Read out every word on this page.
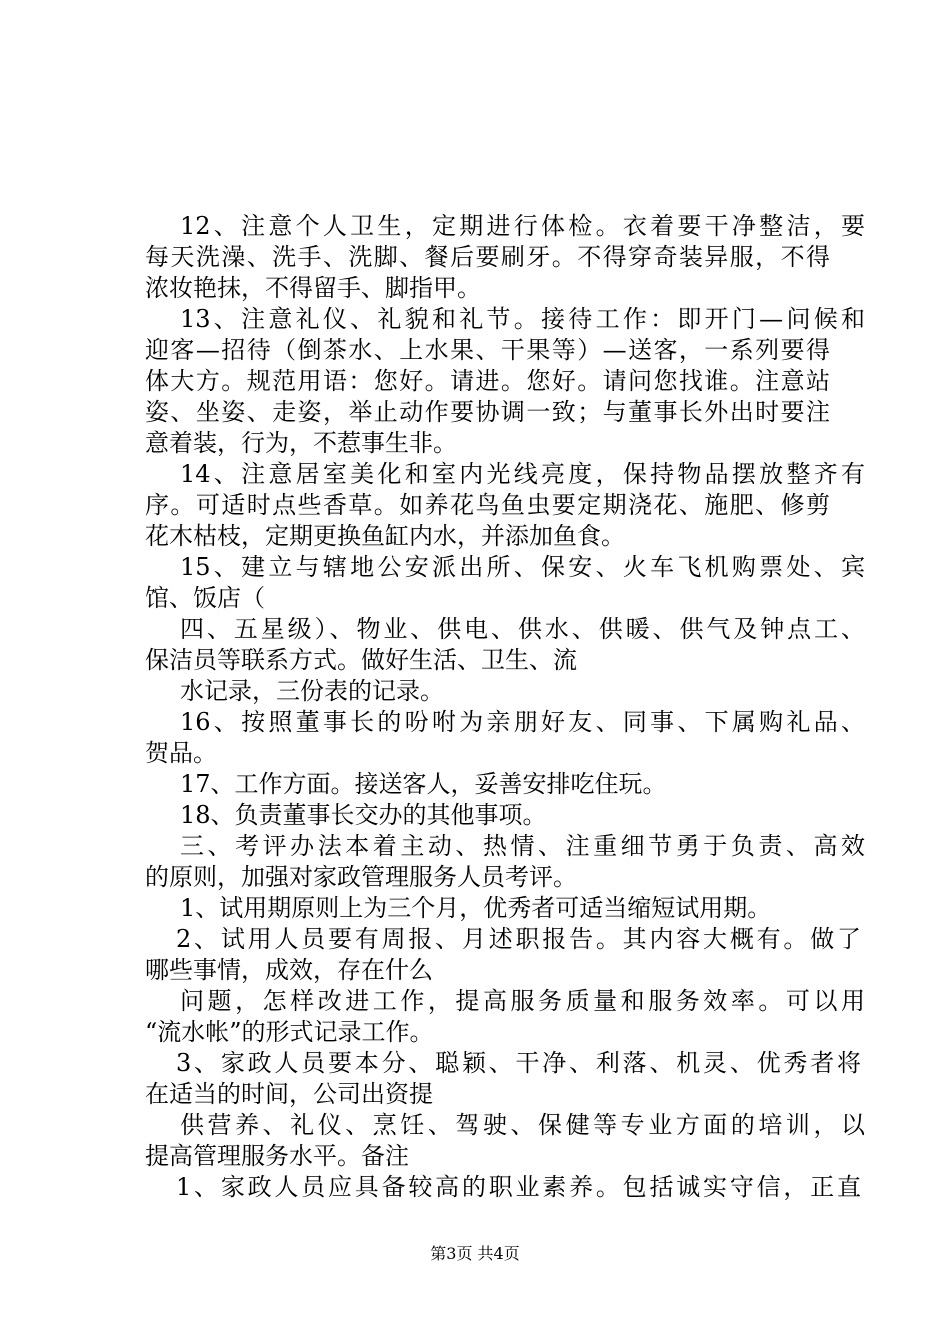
12、注意个人卫生，定期进行体检。衣着要干净整洁，要
每天洗澡、洗手、洗脚、餐后要刷牙。不得穿奇装异服，不得
浓妆艳抹，不得留手、脚指甲。
13、注意礼仪、礼貌和礼节。接待工作：即开门—问候和
迎客—招待（倒茶水、上水果、干果等）—送客，一系列要得
体大方。规范用语：您好。请进。您好。请问您找谁。注意站
姿、坐姿、走姿，举止动作要协调一致；与董事长外出时要注
意着装，行为，不惹事生非。
14、注意居室美化和室内光线亮度，保持物品摆放整齐有
序。可适时点些香草。如养花鸟鱼虫要定期浇花、施肥、修剪
花木枯枝，定期更换鱼缸内水，并添加鱼食。
15、建立与辖地公安派出所、保安、火车飞机购票处、宾
馆、饭店（
四、五星级）、物业、供电、供水、供暖、供气及钟点工、
保洁员等联系方式。做好生活、卫生、流
水记录，三份表的记录。
16、按照董事长的吩咐为亲朋好友、同事、下属购礼品、
贺品。
17、工作方面。接送客人，妥善安排吃住玩。
18、负责董事长交办的其他事项。
三、考评办法本着主动、热情、注重细节勇于负责、高效
的原则，加强对家政管理服务人员考评。
1、试用期原则上为三个月，优秀者可适当缩短试用期。
2、试用人员要有周报、月述职报告。其内容大概有。做了
哪些事情，成效，存在什么
问题，怎样改进工作，提高服务质量和服务效率。可以用
“流水帐”的形式记录工作。
3、家政人员要本分、聪颖、干净、利落、机灵、优秀者将
在适当的时间，公司出资提
供营养、礼仪、烹饪、驾驶、保健等专业方面的培训，以
提高管理服务水平。备注
1、家政人员应具备较高的职业素养。包括诚实守信，正直
第3页 共4页
